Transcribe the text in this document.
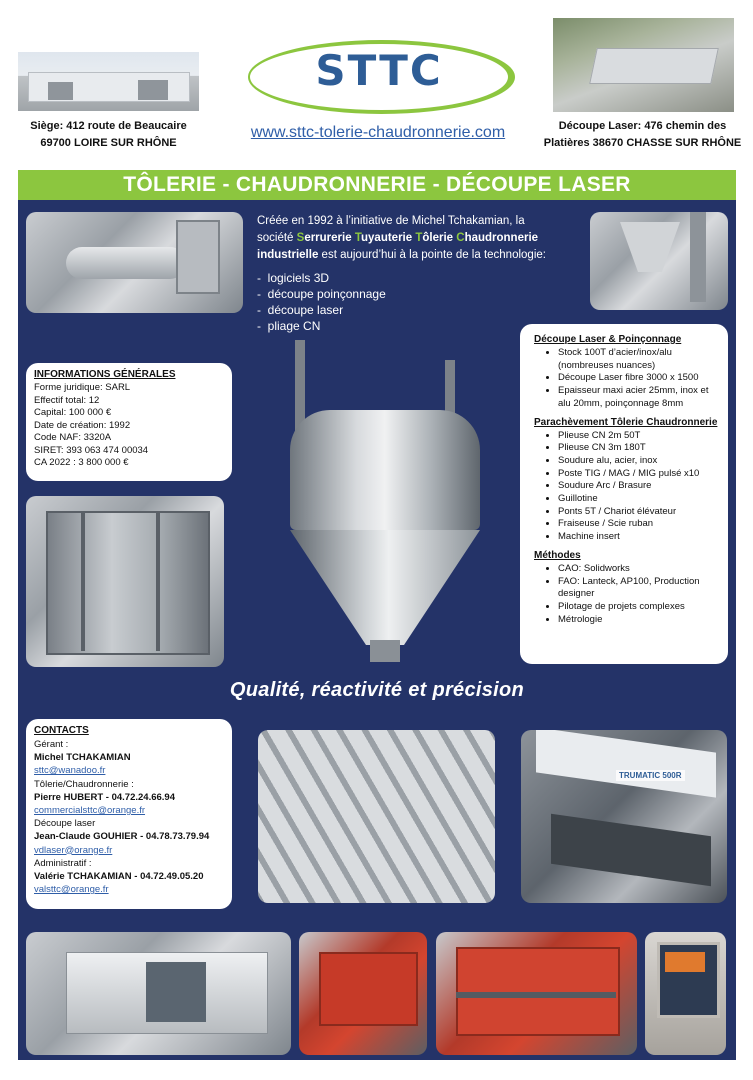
Siège: 412 route de Beaucaire
69700 LOIRE SUR RHÔNE
STTC
www.sttc-tolerie-chaudronnerie.com	Découpe Laser: 476 chemin des
Platières 38670 CHASSE SUR RHÔNE
TÔLERIE - CHAUDRONNERIE - DÉCOUPE LASER
Créée en 1992 à l’initiative de Michel Tchakamian, la
société Serrurerie Tuyauterie Tôlerie Chaudronnerie
industrielle est aujourd’hui à la pointe de la technologie:
-  logiciels 3D
-  découpe poinçonnage
-  découpe laser
-  pliage CN
INFORMATIONS GÉNÉRALES
Forme juridique: SARL
Effectif total: 12
Capital: 100 000 €
Date de création: 1992
Code NAF: 3320A
SIRET: 393 063 474 00034
CA 2022 : 3 800 000 €
Découpe Laser & Poinçonnage
• Stock 100T d’acier/inox/alu (nombreuses nuances)
• Découpe Laser fibre 3000 x 1500
• Epaisseur maxi acier 25mm, inox et alu 20mm, poinçonnage 8mm
Parachèvement Tôlerie Chaudronnerie
• Plieuse CN 2m 50T
• Plieuse CN 3m 180T
• Soudure alu, acier, inox
• Poste TIG / MAG / MIG pulsé x10
• Soudure Arc / Brasure
• Guillotine
• Ponts 5T / Chariot élévateur
• Fraiseuse / Scie ruban
• Machine insert
Méthodes
• CAO: Solidworks
• FAO: Lanteck, AP100, Production designer
• Pilotage de projets complexes
• Métrologie
Qualité, réactivité et précision
CONTACTS
Gérant :
Michel TCHAKAMIAN
sttc@wanadoo.fr
Tôlerie/Chaudronnerie :
Pierre HUBERT - 04.72.24.66.94
commercialsttc@orange.fr
Découpe laser
Jean-Claude GOUHIER - 04.78.73.79.94
vdlaser@orange.fr
Administratif :
Valérie TCHAKAMIAN - 04.72.49.05.20
valsttc@orange.fr
TRUMATIC 500R
